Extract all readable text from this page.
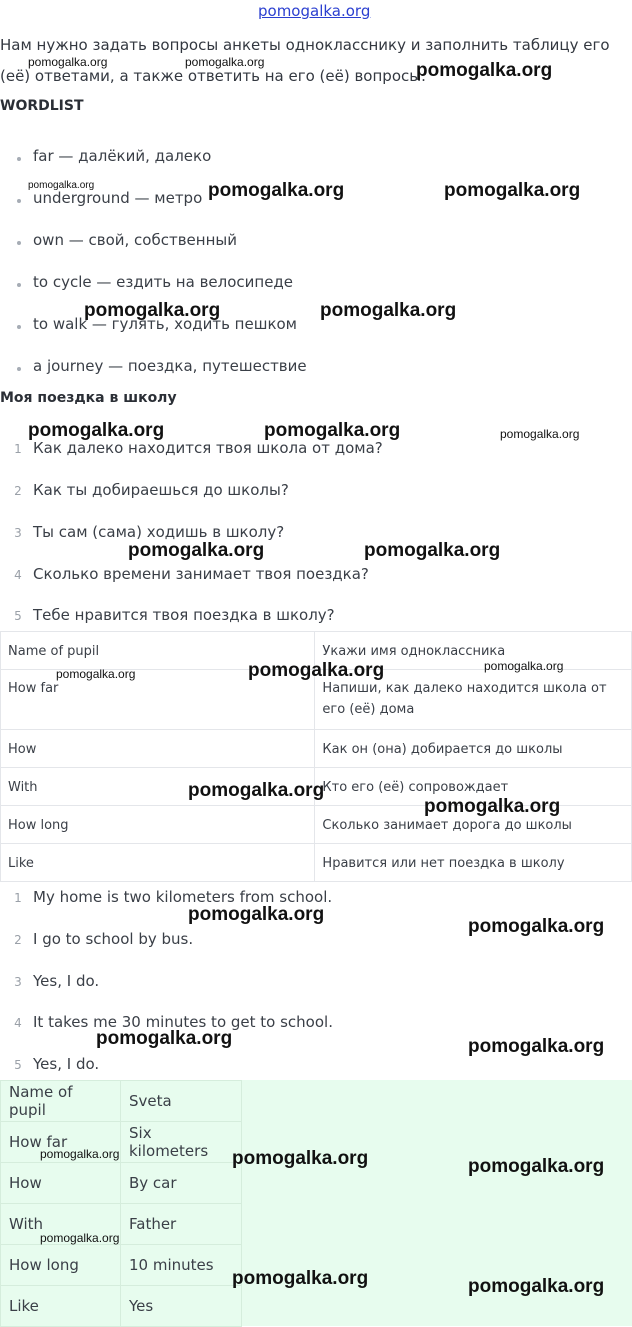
pomogalka.org
Нам нужно задать вопросы анкеты однокласснику и заполнить таблицу его (её) ответами, а также ответить на его (её) вопросы.
WORDLIST
far — далёкий, далеко
underground — метро
own — свой, собственный
to cycle — ездить на велосипеде
to walk — гулять, ходить пешком
a journey — поездка, путешествие
Моя поездка в школу
1 Как далеко находится твоя школа от дома?
2 Как ты добираешься до школы?
3 Ты сам (сама) ходишь в школу?
4 Сколько времени занимает твоя поездка?
5 Тебе нравится твоя поездка в школу?
Name of pupil	Укажи имя одноклассника
How far	Напиши, как далеко находится школа от его (её) дома
How	Как он (она) добирается до школы
With	Кто его (её) сопровождает
How long	Сколько занимает дорога до школы
Like	Нравится или нет поездка в школу
1 My home is two kilometers from school.
2 I go to school by bus.
3 Yes, I do.
4 It takes me 30 minutes to get to school.
5 Yes, I do.
Name of pupil	Sveta
How far	Six kilometers
How	By car
With	Father
How long	10 minutes
Like	Yes
pomogalka.org	pomogalka.org	pomogalka.org
pomogalka.org	pomogalka.org	pomogalka.org
pomogalka.org	pomogalka.org
pomogalka.org	pomogalka.org	pomogalka.org
pomogalka.org	pomogalka.org
pomogalka.org	pomogalka.org
pomogalka.org
pomogalka.org
pomogalka.org
pomogalka.org
pomogalka.org
pomogalka.org	pomogalka.org
pomogalka.org	pomogalka.org	pomogalka.org
pomogalka.org
pomogalka.org	pomogalka.org
